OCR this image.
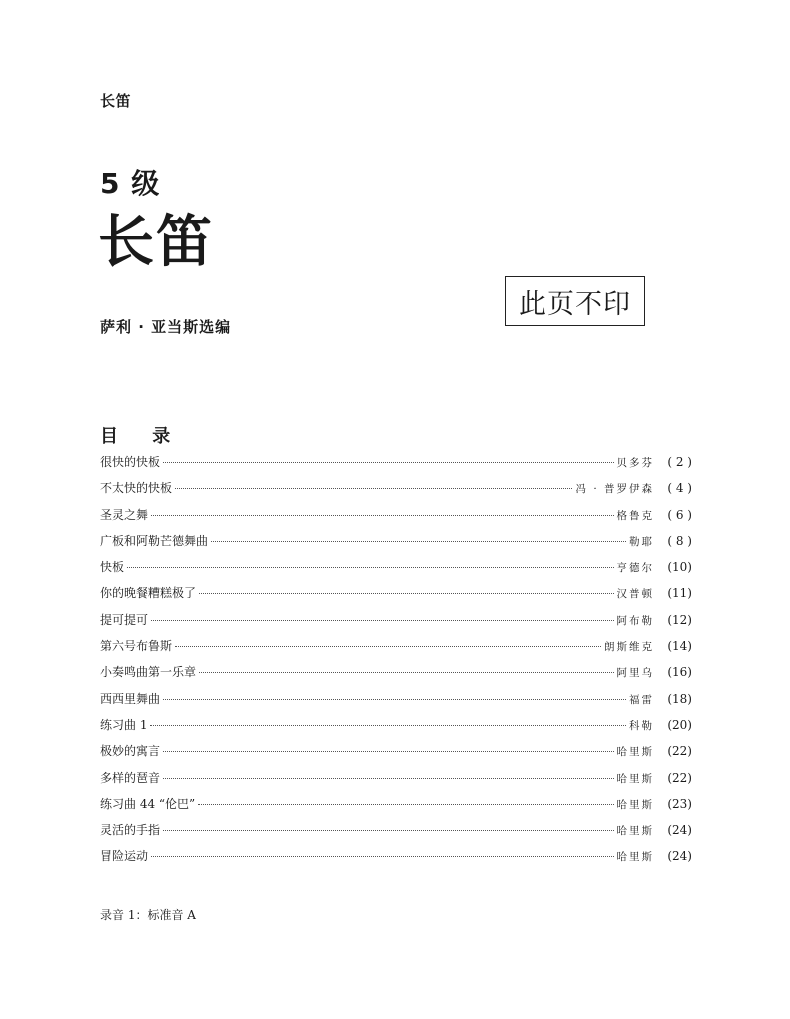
长笛
5 级
长笛
萨利 · 亚当斯选编
此页不印
目 录
很快的快板	贝多芬	( 2 )
不太快的快板	冯 · 普罗伊森	( 4 )
圣灵之舞	格鲁克	( 6 )
广板和阿勒芒德舞曲	勒耶	( 8 )
快板	亨德尔	(10)
你的晚餐糟糕极了	汉普顿	(11)
提可提可	阿布勒	(12)
第六号布鲁斯	朗斯维克	(14)
小奏鸣曲第一乐章	阿里乌	(16)
西西里舞曲	福雷	(18)
练习曲 1	科勒	(20)
极妙的寓言	哈里斯	(22)
多样的琶音	哈里斯	(22)
练习曲 44 “伦巴”	哈里斯	(23)
灵活的手指	哈里斯	(24)
冒险运动	哈里斯	(24)
录音 1：标准音 A
